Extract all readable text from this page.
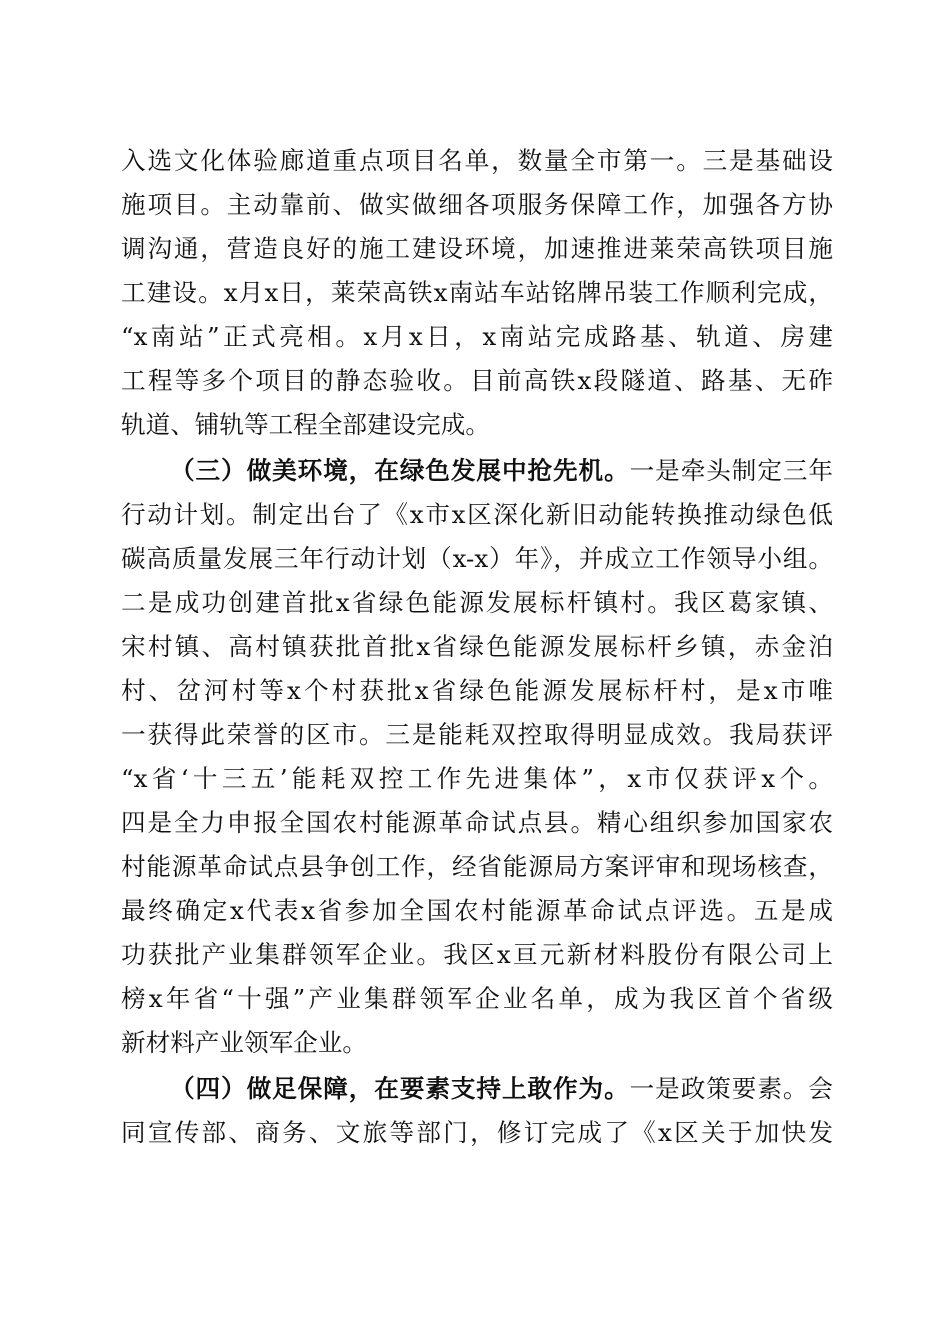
入选文化体验廊道重点项目名单，数量全市第一。三是基础设
施项目。主动靠前、做实做细各项服务保障工作，加强各方协
调沟通，营造良好的施工建设环境，加速推进莱荣高铁项目施
工建设。x月x日，莱荣高铁x南站车站铭牌吊装工作顺利完成，
“x南站”正式亮相。x月x日，x南站完成路基、轨道、房建
工程等多个项目的静态验收。目前高铁x段隧道、路基、无砟
轨道、铺轨等工程全部建设完成。
（三）做美环境，在绿色发展中抢先机。一是牵头制定三年
行动计划。制定出台了《x市x区深化新旧动能转换推动绿色低
碳高质量发展三年行动计划（x-x）年》，并成立工作领导小组。
二是成功创建首批x省绿色能源发展标杆镇村。我区葛家镇、
宋村镇、高村镇获批首批x省绿色能源发展标杆乡镇，赤金泊
村、岔河村等x个村获批x省绿色能源发展标杆村，是x市唯
一获得此荣誉的区市。三是能耗双控取得明显成效。我局获评
“x省‘十三五’能耗双控工作先进集体”，x市仅获评x个。
四是全力申报全国农村能源革命试点县。精心组织参加国家农
村能源革命试点县争创工作，经省能源局方案评审和现场核查，
最终确定x代表x省参加全国农村能源革命试点评选。五是成
功获批产业集群领军企业。我区x亘元新材料股份有限公司上
榜x年省“十强”产业集群领军企业名单，成为我区首个省级
新材料产业领军企业。
（四）做足保障，在要素支持上敢作为。一是政策要素。会
同宣传部、商务、文旅等部门，修订完成了《x区关于加快发
